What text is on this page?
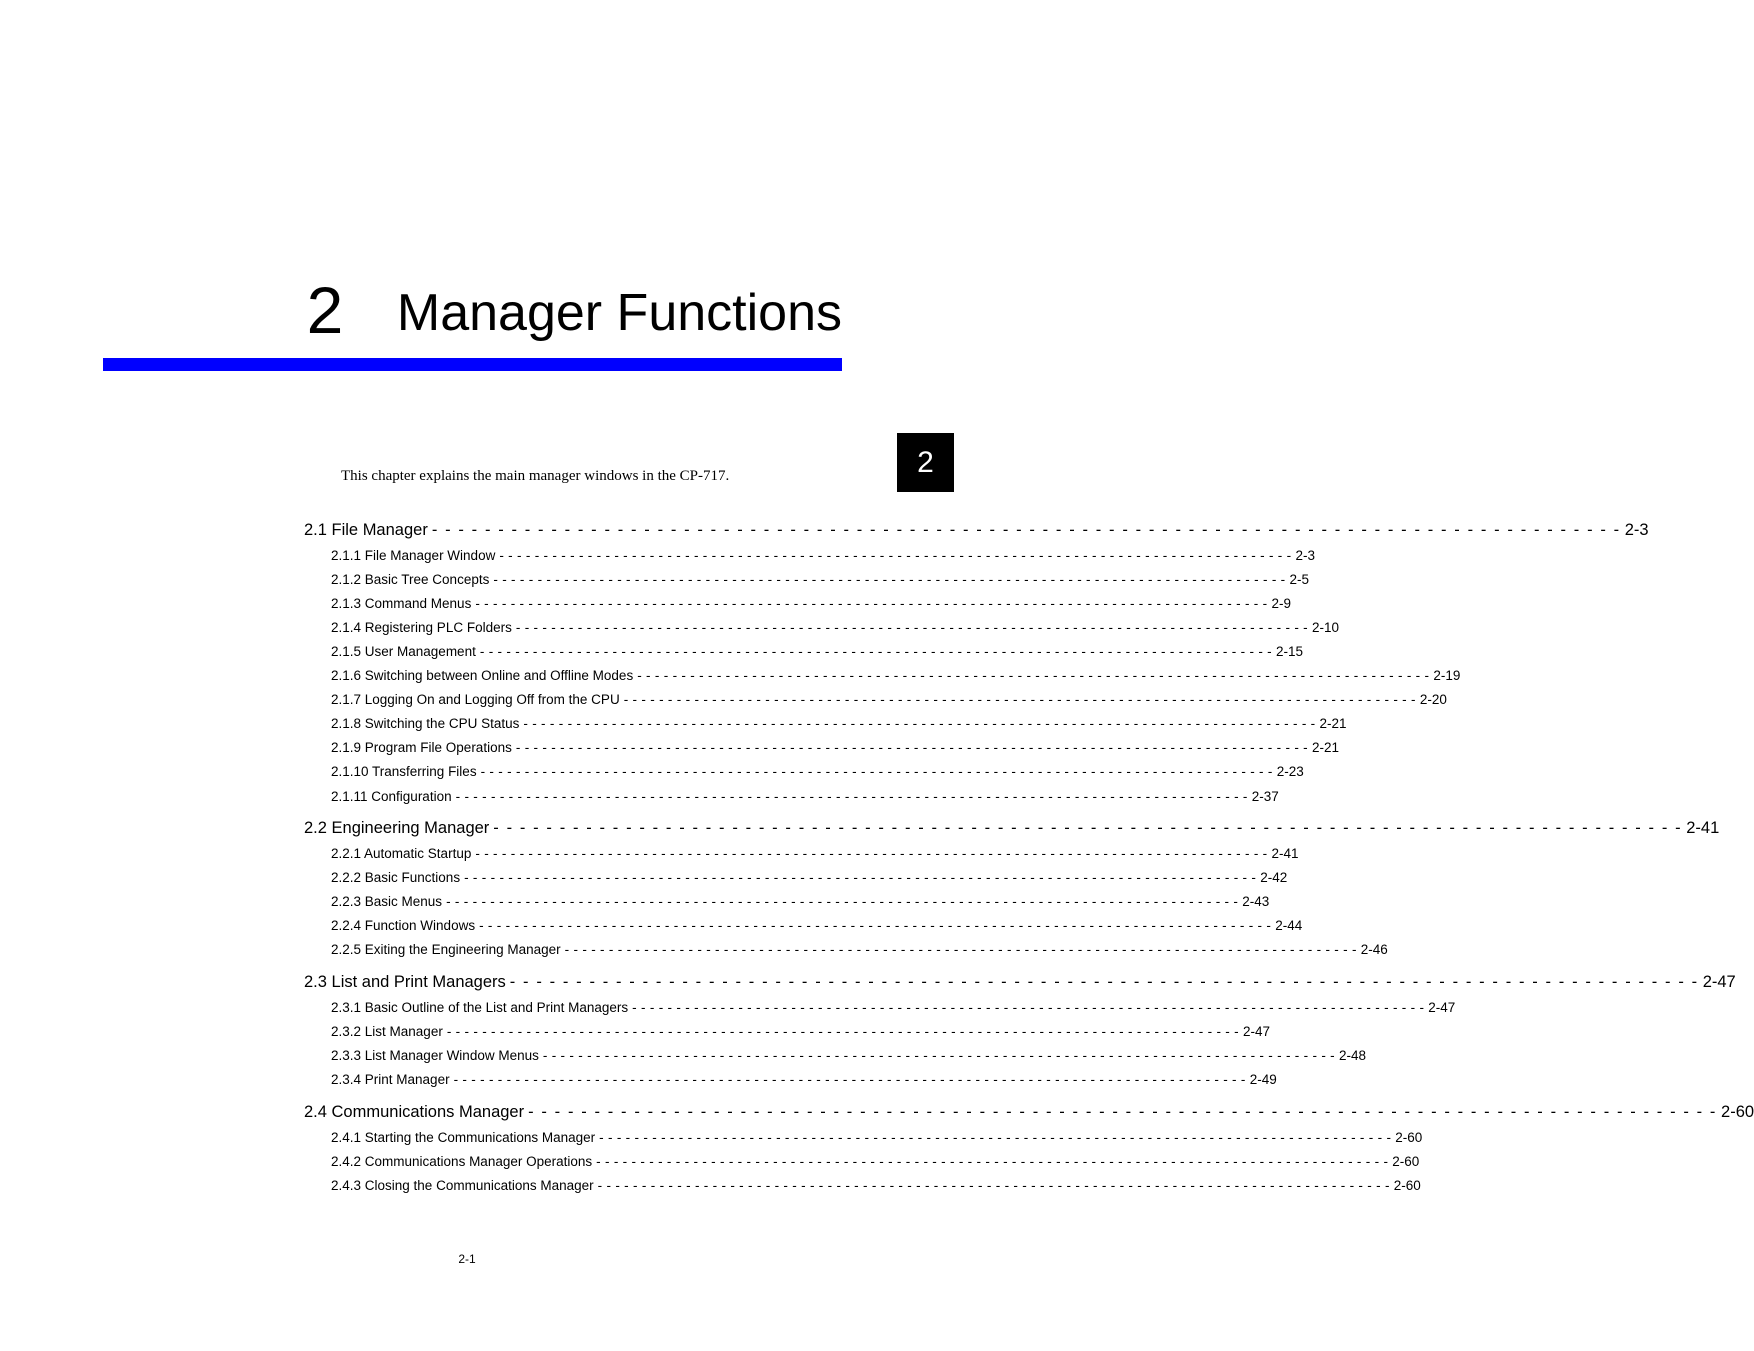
2 Manager Functions
2
This chapter explains the main manager windows in the CP-717.
2.1 File Manager - - - - - - - - - - - - - - - - - - - - - - - - - - - - - - - - - - - - - - - - - - - - - - - - - - - - - - - - - - - - - - - - - - - - - - - - - - - - - - - - - - - - - - - - - - 2-3
2.1.1 File Manager Window - - - - - - - - - - - - - - - - - - - - - - - - - - - - - - - - - - - - - - - - - - - - - - - - - - - - - - - - - - - - - - - - - - - - - - - - - - - - - - - - - - - - - - - - - - 2-3
2.1.2 Basic Tree Concepts - - - - - - - - - - - - - - - - - - - - - - - - - - - - - - - - - - - - - - - - - - - - - - - - - - - - - - - - - - - - - - - - - - - - - - - - - - - - - - - - - - - - - - - - - - 2-5
2.1.3 Command Menus - - - - - - - - - - - - - - - - - - - - - - - - - - - - - - - - - - - - - - - - - - - - - - - - - - - - - - - - - - - - - - - - - - - - - - - - - - - - - - - - - - - - - - - - - - 2-9
2.1.4 Registering PLC Folders - - - - - - - - - - - - - - - - - - - - - - - - - - - - - - - - - - - - - - - - - - - - - - - - - - - - - - - - - - - - - - - - - - - - - - - - - - - - - - - - - - - - - - - - - - 2-10
2.1.5 User Management - - - - - - - - - - - - - - - - - - - - - - - - - - - - - - - - - - - - - - - - - - - - - - - - - - - - - - - - - - - - - - - - - - - - - - - - - - - - - - - - - - - - - - - - - - 2-15
2.1.6 Switching between Online and Offline Modes - - - - - - - - - - - - - - - - - - - - - - - - - - - - - - - - - - - - - - - - - - - - - - - - - - - - - - - - - - - - - - - - - - - - - - - - - - - - - - - - - - - - - - - - - - 2-19
2.1.7 Logging On and Logging Off from the CPU - - - - - - - - - - - - - - - - - - - - - - - - - - - - - - - - - - - - - - - - - - - - - - - - - - - - - - - - - - - - - - - - - - - - - - - - - - - - - - - - - - - - - - - - - - 2-20
2.1.8 Switching the CPU Status - - - - - - - - - - - - - - - - - - - - - - - - - - - - - - - - - - - - - - - - - - - - - - - - - - - - - - - - - - - - - - - - - - - - - - - - - - - - - - - - - - - - - - - - - - 2-21
2.1.9 Program File Operations - - - - - - - - - - - - - - - - - - - - - - - - - - - - - - - - - - - - - - - - - - - - - - - - - - - - - - - - - - - - - - - - - - - - - - - - - - - - - - - - - - - - - - - - - - 2-21
2.1.10 Transferring Files - - - - - - - - - - - - - - - - - - - - - - - - - - - - - - - - - - - - - - - - - - - - - - - - - - - - - - - - - - - - - - - - - - - - - - - - - - - - - - - - - - - - - - - - - - 2-23
2.1.11 Configuration - - - - - - - - - - - - - - - - - - - - - - - - - - - - - - - - - - - - - - - - - - - - - - - - - - - - - - - - - - - - - - - - - - - - - - - - - - - - - - - - - - - - - - - - - - 2-37
2.2 Engineering Manager - - - - - - - - - - - - - - - - - - - - - - - - - - - - - - - - - - - - - - - - - - - - - - - - - - - - - - - - - - - - - - - - - - - - - - - - - - - - - - - - - - - - - - - - - - 2-41
2.2.1 Automatic Startup - - - - - - - - - - - - - - - - - - - - - - - - - - - - - - - - - - - - - - - - - - - - - - - - - - - - - - - - - - - - - - - - - - - - - - - - - - - - - - - - - - - - - - - - - - 2-41
2.2.2 Basic Functions - - - - - - - - - - - - - - - - - - - - - - - - - - - - - - - - - - - - - - - - - - - - - - - - - - - - - - - - - - - - - - - - - - - - - - - - - - - - - - - - - - - - - - - - - - 2-42
2.2.3 Basic Menus - - - - - - - - - - - - - - - - - - - - - - - - - - - - - - - - - - - - - - - - - - - - - - - - - - - - - - - - - - - - - - - - - - - - - - - - - - - - - - - - - - - - - - - - - - 2-43
2.2.4 Function Windows - - - - - - - - - - - - - - - - - - - - - - - - - - - - - - - - - - - - - - - - - - - - - - - - - - - - - - - - - - - - - - - - - - - - - - - - - - - - - - - - - - - - - - - - - - 2-44
2.2.5 Exiting the Engineering Manager - - - - - - - - - - - - - - - - - - - - - - - - - - - - - - - - - - - - - - - - - - - - - - - - - - - - - - - - - - - - - - - - - - - - - - - - - - - - - - - - - - - - - - - - - - 2-46
2.3 List and Print Managers - - - - - - - - - - - - - - - - - - - - - - - - - - - - - - - - - - - - - - - - - - - - - - - - - - - - - - - - - - - - - - - - - - - - - - - - - - - - - - - - - - - - - - - - - - 2-47
2.3.1 Basic Outline of the List and Print Managers - - - - - - - - - - - - - - - - - - - - - - - - - - - - - - - - - - - - - - - - - - - - - - - - - - - - - - - - - - - - - - - - - - - - - - - - - - - - - - - - - - - - - - - - - - 2-47
2.3.2 List Manager - - - - - - - - - - - - - - - - - - - - - - - - - - - - - - - - - - - - - - - - - - - - - - - - - - - - - - - - - - - - - - - - - - - - - - - - - - - - - - - - - - - - - - - - - - 2-47
2.3.3 List Manager Window Menus - - - - - - - - - - - - - - - - - - - - - - - - - - - - - - - - - - - - - - - - - - - - - - - - - - - - - - - - - - - - - - - - - - - - - - - - - - - - - - - - - - - - - - - - - - 2-48
2.3.4 Print Manager - - - - - - - - - - - - - - - - - - - - - - - - - - - - - - - - - - - - - - - - - - - - - - - - - - - - - - - - - - - - - - - - - - - - - - - - - - - - - - - - - - - - - - - - - - 2-49
2.4 Communications Manager - - - - - - - - - - - - - - - - - - - - - - - - - - - - - - - - - - - - - - - - - - - - - - - - - - - - - - - - - - - - - - - - - - - - - - - - - - - - - - - - - - - - - - - - - - 2-60
2.4.1 Starting the Communications Manager - - - - - - - - - - - - - - - - - - - - - - - - - - - - - - - - - - - - - - - - - - - - - - - - - - - - - - - - - - - - - - - - - - - - - - - - - - - - - - - - - - - - - - - - - - 2-60
2.4.2 Communications Manager Operations - - - - - - - - - - - - - - - - - - - - - - - - - - - - - - - - - - - - - - - - - - - - - - - - - - - - - - - - - - - - - - - - - - - - - - - - - - - - - - - - - - - - - - - - - - 2-60
2.4.3 Closing the Communications Manager - - - - - - - - - - - - - - - - - - - - - - - - - - - - - - - - - - - - - - - - - - - - - - - - - - - - - - - - - - - - - - - - - - - - - - - - - - - - - - - - - - - - - - - - - - 2-60
2-1
